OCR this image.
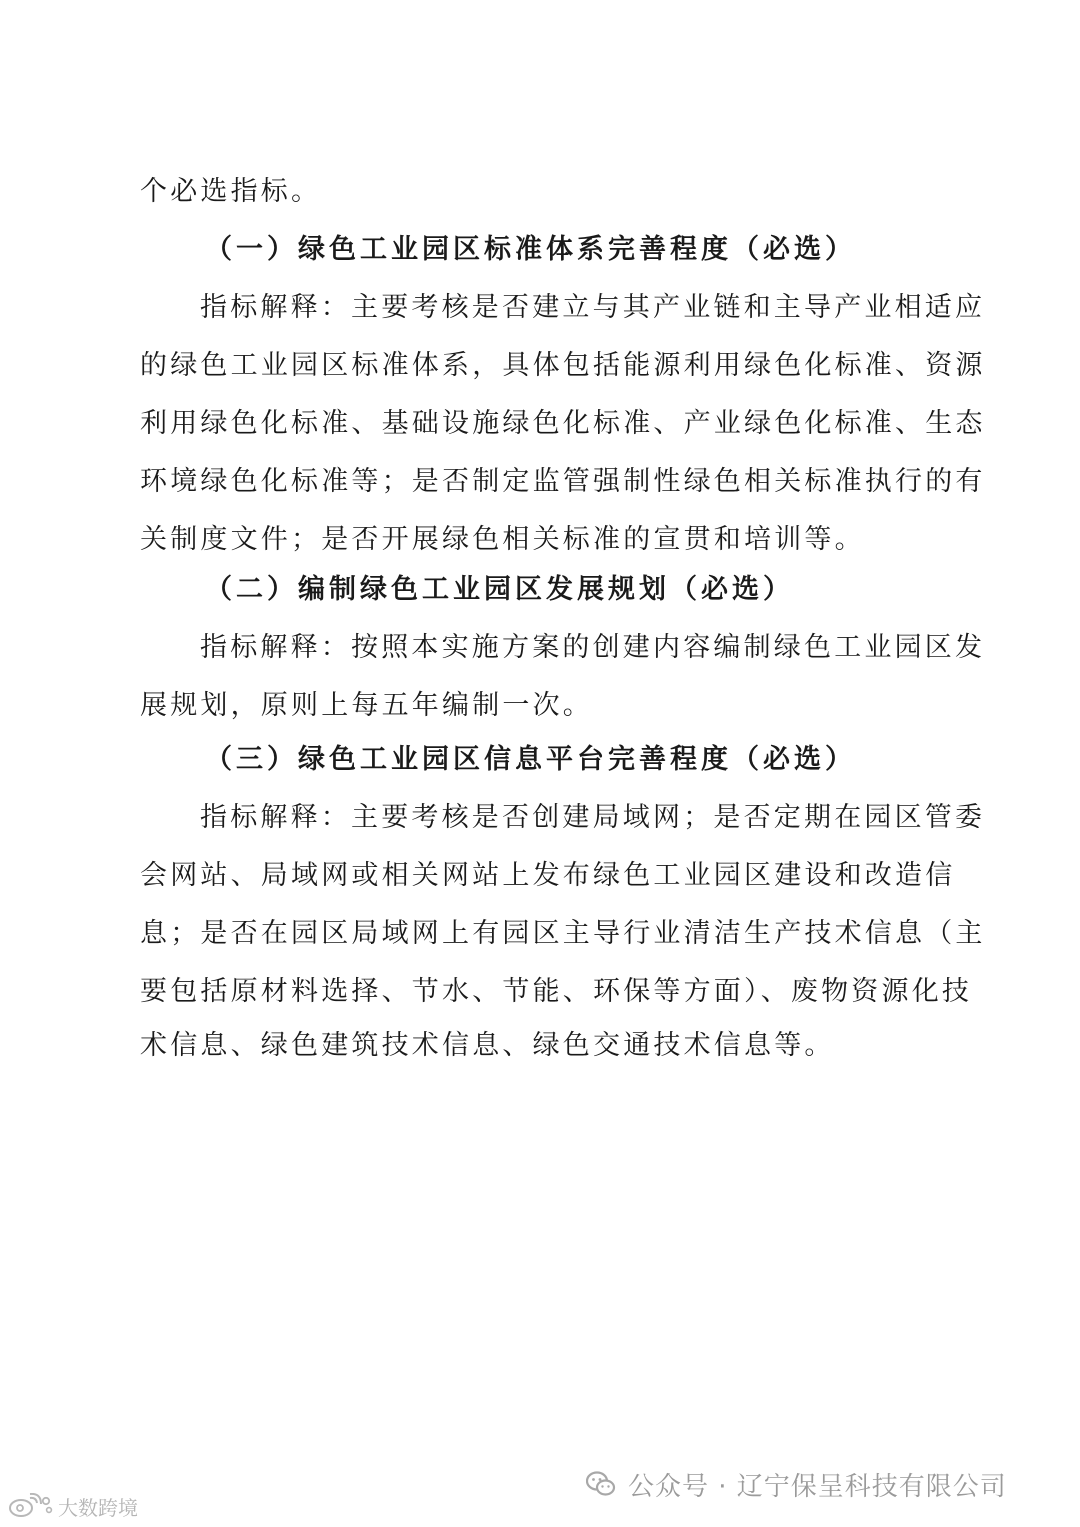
个必选指标。
（一）绿色工业园区标准体系完善程度（必选）
指标解释：主要考核是否建立与其产业链和主导产业相适应
的绿色工业园区标准体系，具体包括能源利用绿色化标准、资源
利用绿色化标准、基础设施绿色化标准、产业绿色化标准、生态
环境绿色化标准等；是否制定监管强制性绿色相关标准执行的有
关制度文件；是否开展绿色相关标准的宣贯和培训等。
（二）编制绿色工业园区发展规划（必选）
指标解释：按照本实施方案的创建内容编制绿色工业园区发
展规划，原则上每五年编制一次。
（三）绿色工业园区信息平台完善程度（必选）
指标解释：主要考核是否创建局域网；是否定期在园区管委
会网站、局域网或相关网站上发布绿色工业园区建设和改造信
息；是否在园区局域网上有园区主导行业清洁生产技术信息（主
要包括原材料选择、节水、节能、环保等方面）、废物资源化技
术信息、绿色建筑技术信息、绿色交通技术信息等。
公众号 · 辽宁保呈科技有限公司
大数跨境
